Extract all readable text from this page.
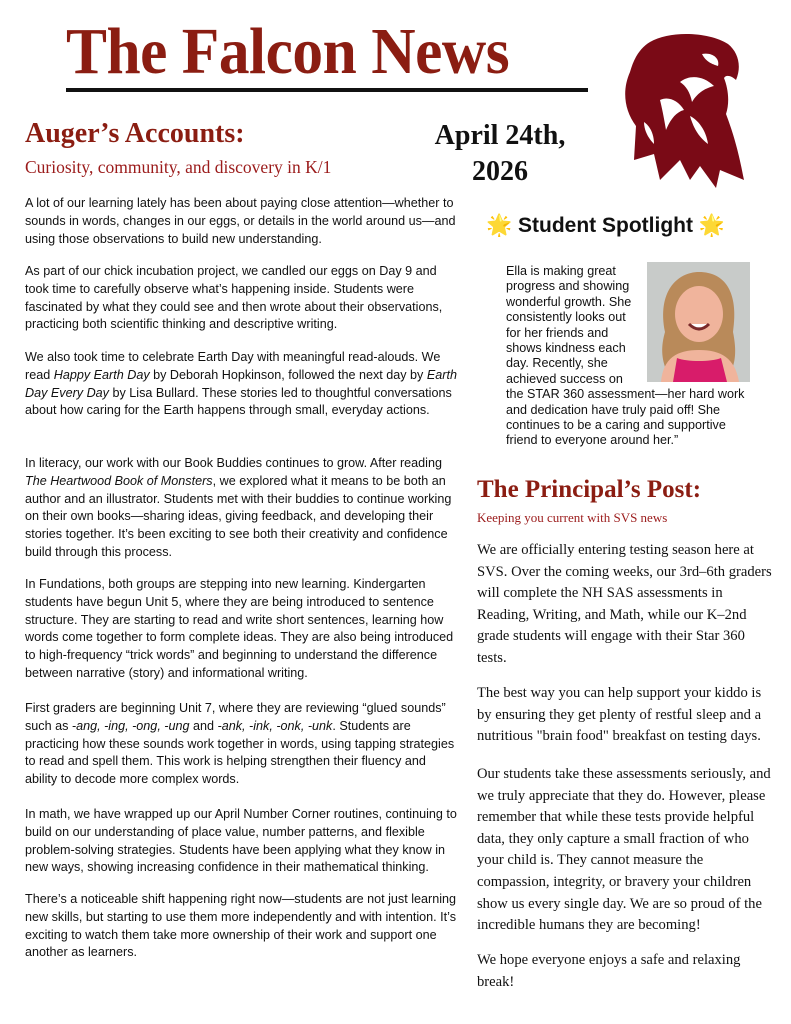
The Falcon News
Auger’s Accounts:
Curiosity, community, and discovery in K/1
April 24th,
2026

A lot of our learning lately has been about paying close attention—whether to sounds in words, changes in our eggs, or details in the world around us—and using those observations to build new understanding.

As part of our chick incubation project, we candled our eggs on Day 9 and took time to carefully observe what’s happening inside. Students were fascinated by what they could see and then wrote about their observations, practicing both scientific thinking and descriptive writing.

We also took time to celebrate Earth Day with meaningful read-alouds. We read Happy Earth Day by Deborah Hopkinson, followed the next day by Earth Day Every Day by Lisa Bullard. These stories led to thoughtful conversations about how caring for the Earth happens through small, everyday actions.

In literacy, our work with our Book Buddies continues to grow. After reading The Heartwood Book of Monsters, we explored what it means to be both an author and an illustrator. Students met with their buddies to continue working on their own books—sharing ideas, giving feedback, and developing their stories together. It’s been exciting to see both their creativity and confidence build through this process.

In Fundations, both groups are stepping into new learning. Kindergarten students have begun Unit 5, where they are being introduced to sentence structure. They are starting to read and write short sentences, learning how words come together to form complete ideas. They are also being introduced to high-frequency “trick words” and beginning to understand the difference between narrative (story) and informational writing.

First graders are beginning Unit 7, where they are reviewing “glued sounds” such as -ang, -ing, -ong, -ung and -ank, -ink, -onk, -unk. Students are practicing how these sounds work together in words, using tapping strategies to read and spell them. This work is helping strengthen their fluency and ability to decode more complex words.

In math, we have wrapped up our April Number Corner routines, continuing to build on our understanding of place value, number patterns, and flexible problem-solving strategies. Students have been applying what they know in new ways, showing increasing confidence in their mathematical thinking.

There’s a noticeable shift happening right now—students are not just learning new skills, but starting to use them more independently and with intention. It’s exciting to watch them take more ownership of their work and support one another as learners.

🌟 Student Spotlight 🌟
Ella is making great progress and showing wonderful growth. She consistently looks out for her friends and shows kindness each day. Recently, she achieved success on the STAR 360 assessment—her hard work and dedication have truly paid off! She continues to be a caring and supportive friend to everyone around her.”
The Principal’s Post:
Keeping you current with SVS news

We are officially entering testing season here at SVS. Over the coming weeks, our 3rd–6th graders will complete the NH SAS assessments in Reading, Writing, and Math, while our K–2nd grade students will engage with their Star 360 tests.

The best way you can help support your kiddo is by ensuring they get plenty of restful sleep and a nutritious "brain food" breakfast on testing days.

Our students take these assessments seriously, and we truly appreciate that they do. However, please remember that while these tests provide helpful data, they only capture a small fraction of who your child is. They cannot measure the compassion, integrity, or bravery your children show us every single day. We are so proud of the incredible humans they are becoming!

We hope everyone enjoys a safe and relaxing break!
